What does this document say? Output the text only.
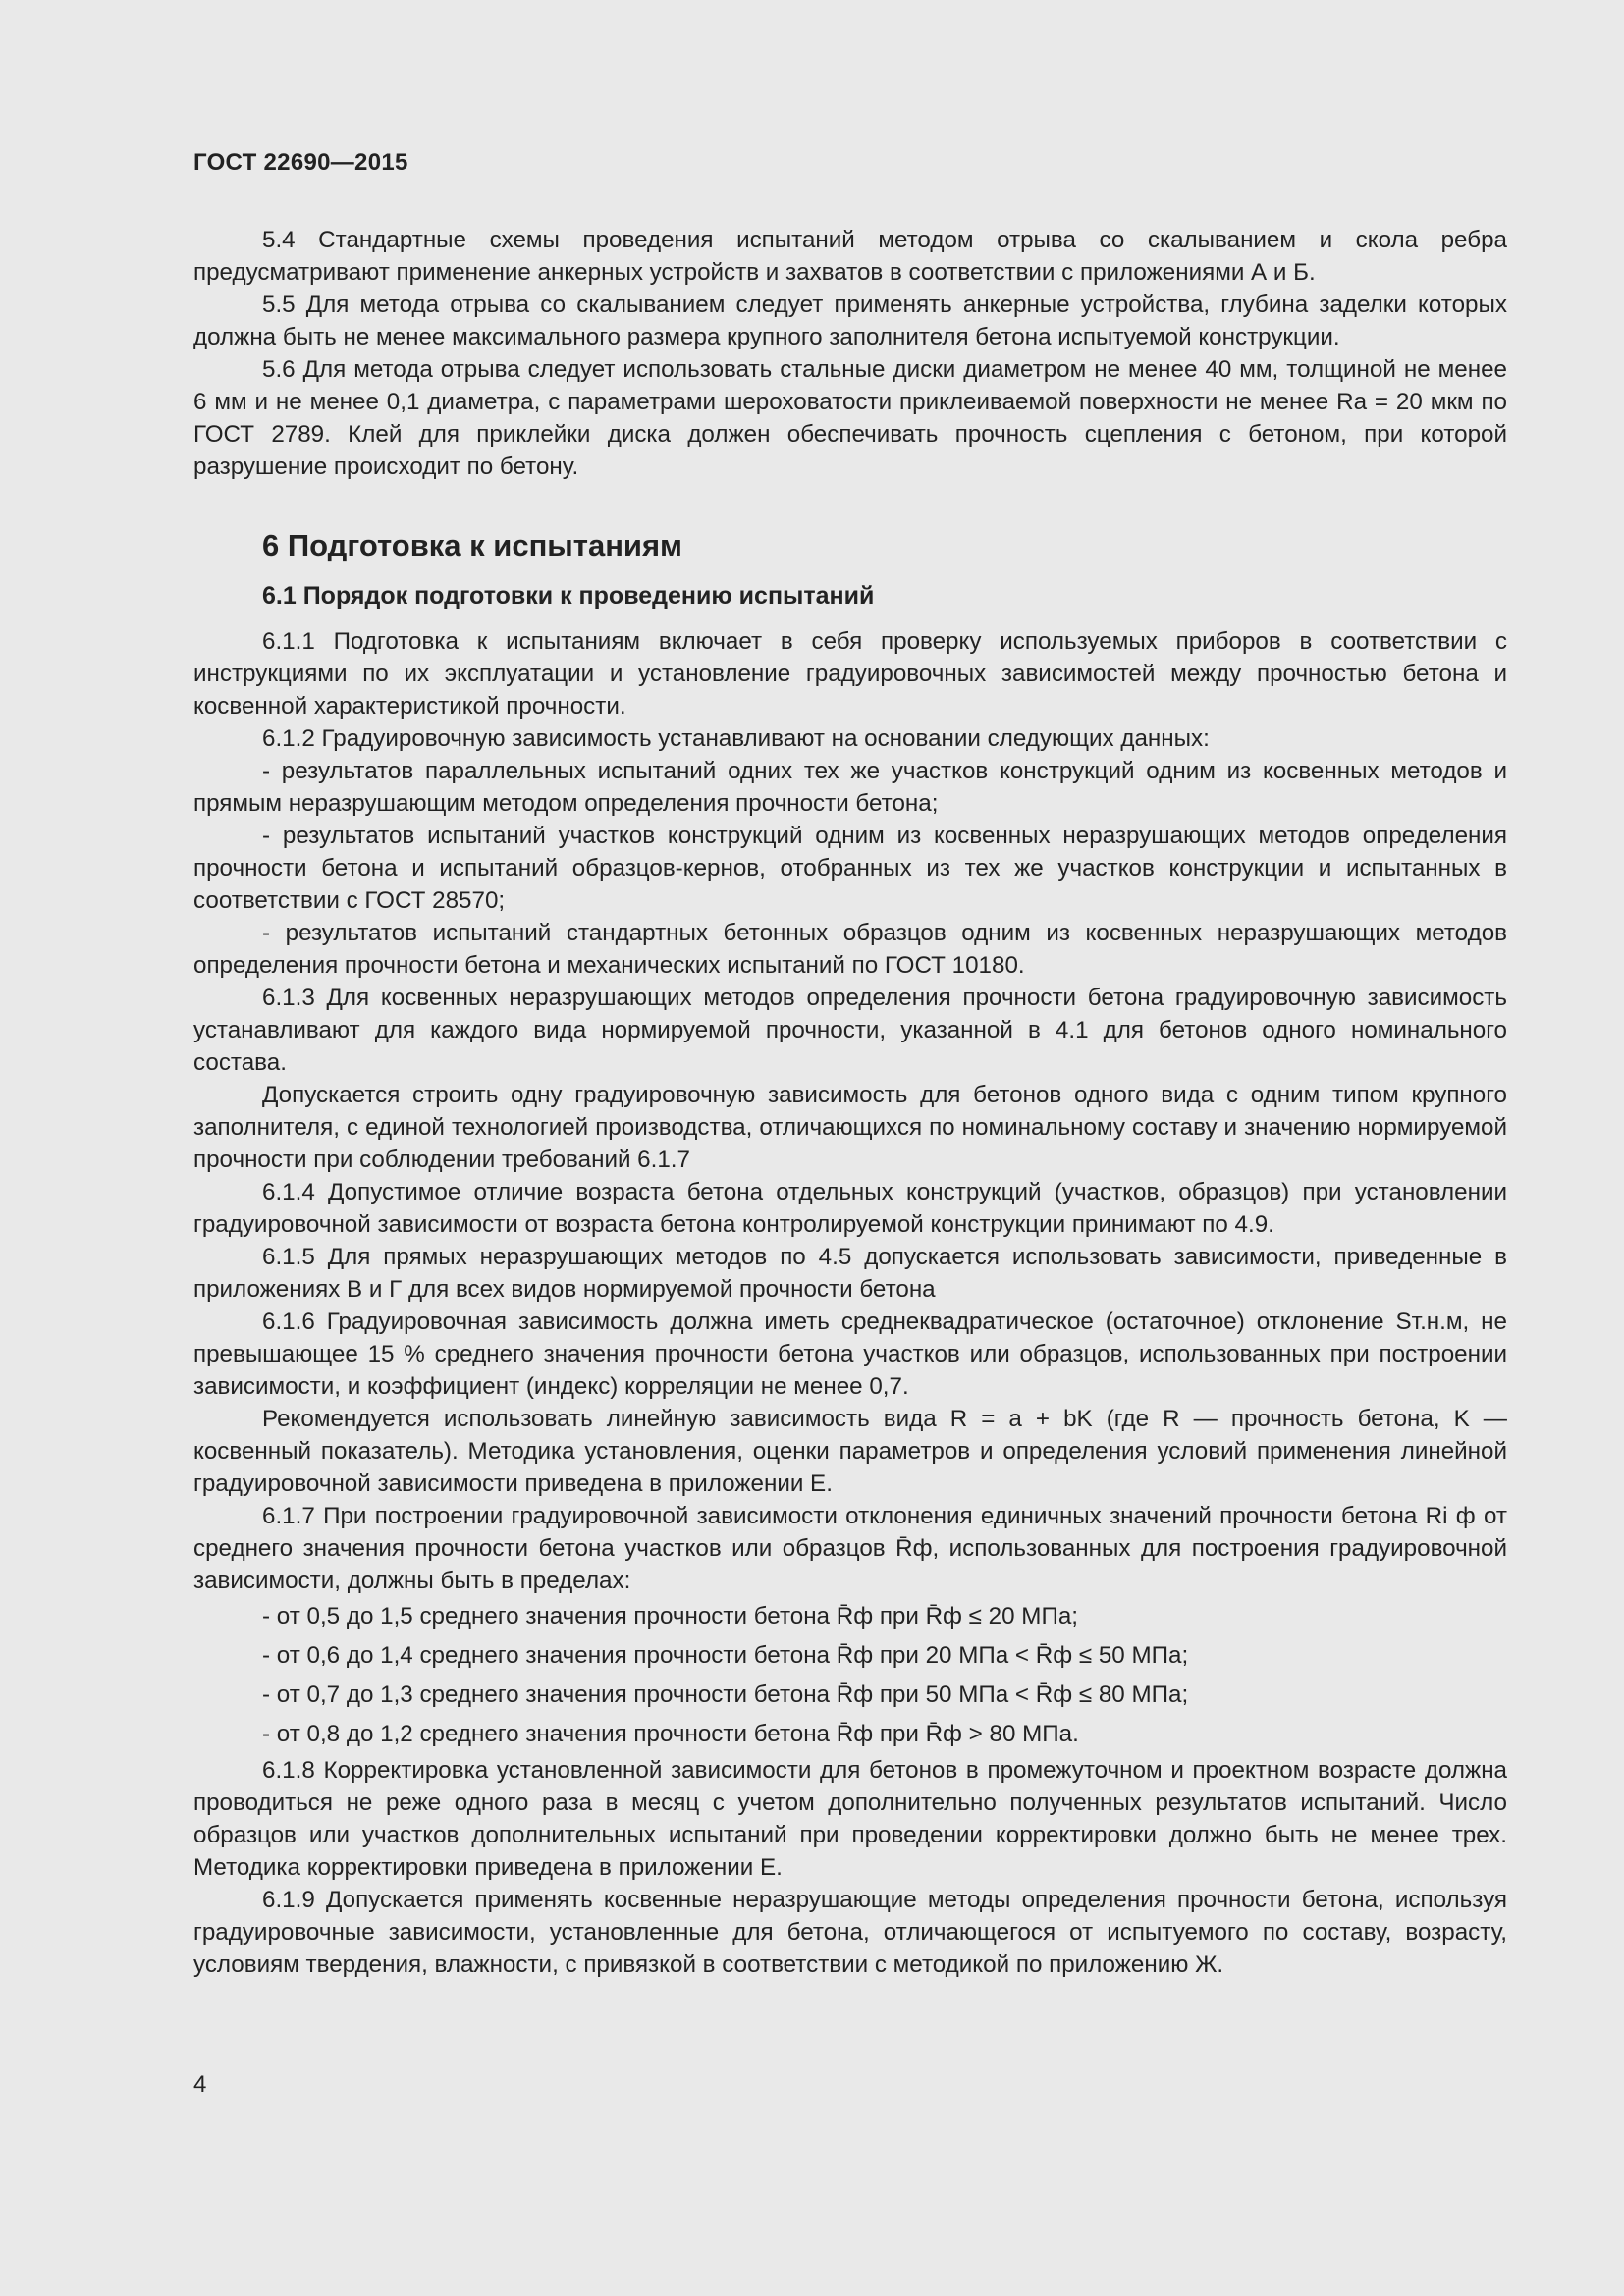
ГОСТ 22690—2015

5.4 Стандартные схемы проведения испытаний методом отрыва со скалыванием и скола ребра предусматривают применение анкерных устройств и захватов в соответствии с приложениями А и Б.

5.5 Для метода отрыва со скалыванием следует применять анкерные устройства, глубина заделки которых должна быть не менее максимального размера крупного заполнителя бетона испытуемой конструкции.

5.6 Для метода отрыва следует использовать стальные диски диаметром не менее 40 мм, толщиной не менее 6 мм и не менее 0,1 диаметра, с параметрами шероховатости приклеиваемой поверхности не менее Ra = 20 мкм по ГОСТ 2789. Клей для приклейки диска должен обеспечивать прочность сцепления с бетоном, при которой разрушение происходит по бетону.

6 Подготовка к испытаниям
6.1 Порядок подготовки к проведению испытаний

6.1.1 Подготовка к испытаниям включает в себя проверку используемых приборов в соответствии с инструкциями по их эксплуатации и установление градуировочных зависимостей между прочностью бетона и косвенной характеристикой прочности.

6.1.2 Градуировочную зависимость устанавливают на основании следующих данных:

- результатов параллельных испытаний одних тех же участков конструкций одним из косвенных методов и прямым неразрушающим методом определения прочности бетона;

- результатов испытаний участков конструкций одним из косвенных неразрушающих методов определения прочности бетона и испытаний образцов-кернов, отобранных из тех же участков конструкции и испытанных в соответствии с ГОСТ 28570;

- результатов испытаний стандартных бетонных образцов одним из косвенных неразрушающих методов определения прочности бетона и механических испытаний по ГОСТ 10180.

6.1.3 Для косвенных неразрушающих методов определения прочности бетона градуировочную зависимость устанавливают для каждого вида нормируемой прочности, указанной в 4.1 для бетонов одного номинального состава.

Допускается строить одну градуировочную зависимость для бетонов одного вида с одним типом крупного заполнителя, с единой технологией производства, отличающихся по номинальному составу и значению нормируемой прочности при соблюдении требований 6.1.7

6.1.4 Допустимое отличие возраста бетона отдельных конструкций (участков, образцов) при установлении градуировочной зависимости от возраста бетона контролируемой конструкции принимают по 4.9.

6.1.5 Для прямых неразрушающих методов по 4.5 допускается использовать зависимости, приведенные в приложениях В и Г для всех видов нормируемой прочности бетона

6.1.6 Градуировочная зависимость должна иметь среднеквадратическое (остаточное) отклонение Sт.н.м, не превышающее 15 % среднего значения прочности бетона участков или образцов, использованных при построении зависимости, и коэффициент (индекс) корреляции не менее 0,7.

Рекомендуется использовать линейную зависимость вида R = a + bK (где R — прочность бетона, K — косвенный показатель). Методика установления, оценки параметров и определения условий применения линейной градуировочной зависимости приведена в приложении Е.

6.1.7 При построении градуировочной зависимости отклонения единичных значений прочности бетона Ri ф от среднего значения прочности бетона участков или образцов R̄ф, использованных для построения градуировочной зависимости, должны быть в пределах:

- от 0,5 до 1,5 среднего значения прочности бетона R̄ф при R̄ф ≤ 20 МПа;
- от 0,6 до 1,4 среднего значения прочности бетона R̄ф при 20 МПа < R̄ф ≤ 50 МПа;
- от 0,7 до 1,3 среднего значения прочности бетона R̄ф при 50 МПа < R̄ф ≤ 80 МПа;
- от 0,8 до 1,2 среднего значения прочности бетона R̄ф при R̄ф > 80 МПа.

6.1.8 Корректировка установленной зависимости для бетонов в промежуточном и проектном возрасте должна проводиться не реже одного раза в месяц с учетом дополнительно полученных результатов испытаний. Число образцов или участков дополнительных испытаний при проведении корректировки должно быть не менее трех. Методика корректировки приведена в приложении Е.

6.1.9 Допускается применять косвенные неразрушающие методы определения прочности бетона, используя градуировочные зависимости, установленные для бетона, отличающегося от испытуемого по составу, возрасту, условиям твердения, влажности, с привязкой в соответствии с методикой по приложению Ж.

4
